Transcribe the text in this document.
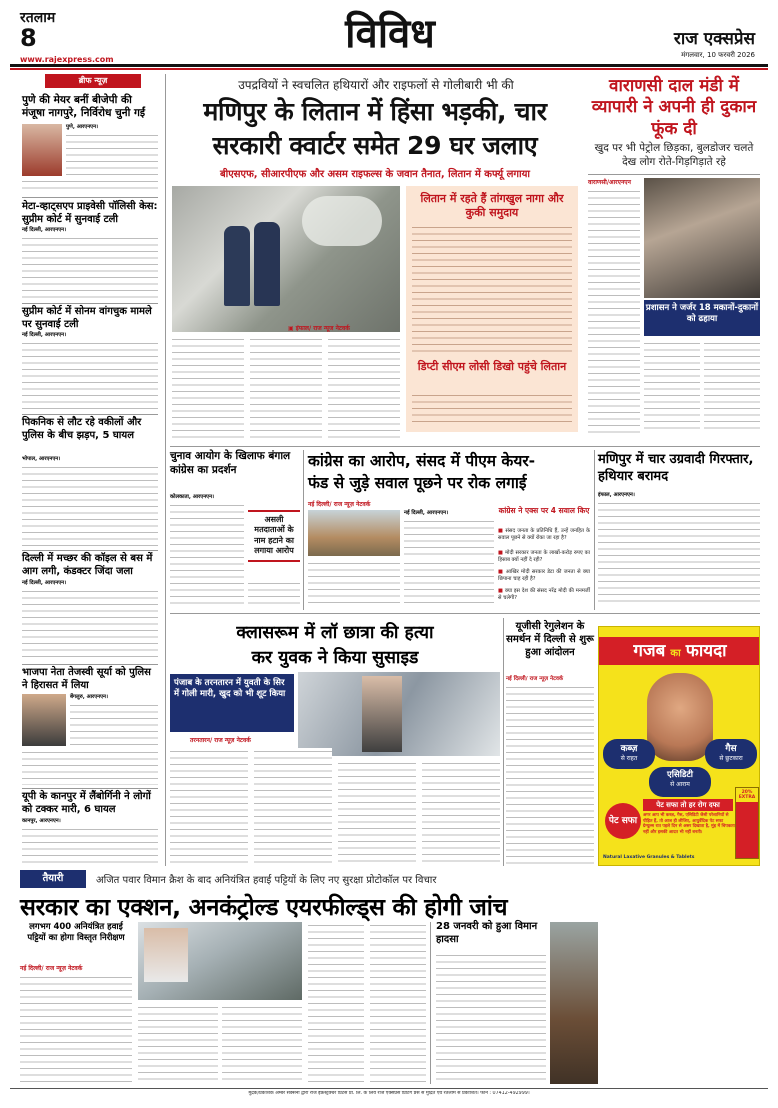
रतलाम
8
www.rajexpress.com
विविध	राज एक्सप्रेस
मंगलवार, 10 फरवरी 2026
ब्रीफ न्यूज़
पुणे की मेयर बनीं बीजेपी की मंजूषा नागपुरे, निर्विरोध चुनी गईं
पुणे, आरएनएन।
मेटा-व्हाट्सएप प्राइवेसी पॉलिसी केस: सुप्रीम कोर्ट में सुनवाई टली
नई दिल्ली, आरएनएन।
सुप्रीम कोर्ट में सोनम वांगचुक मामले पर सुनवाई टली
नई दिल्ली, आरएनएन।
पिकनिक से लौट रहे वकीलों और पुलिस के बीच झड़प, 5 घायल
भोपाल, आरएनएन।
दिल्ली में मच्छर की कॉइल से बस में आग लगी, कंडक्टर जिंदा जला
नई दिल्ली, आरएनएन।
भाजपा नेता तेजस्वी सूर्या को पुलिस ने हिरासत में लिया
बेंगलुरु, आरएनएन।
यूपी के कानपुर में लैंबोर्गिनी ने लोगों को टक्कर मारी, 6 घायल
कानपुर, आरएनएन।
उपद्रवियों ने स्वचलित हथियारों और राइफलों से गोलीबारी भी की
मणिपुर के लितान में हिंसा भड़की, चार
सरकारी क्वार्टर समेत 29 घर जलाए
बीएसएफ, सीआरपीएफ और असम राइफल्स के जवान तैनात, लितान में कर्फ्यू लगाया
▣ इंफाल/ राज न्यूज नेटवर्क
लितान में रहते हैं तांगखुल नागा और कुकी समुदाय
डिप्टी सीएम लोसी डिखो पहुंचे लितान
वाराणसी दाल मंडी में व्यापारी ने अपनी ही दुकान फूंक दी
खुद पर भी पेट्रोल छिड़का, बुलडोजर चलते देख लोग रोते-गिड़गिड़ाते रहे
वाराणसी/आरएनएन
प्रशासन ने जर्जर 18 मकानों-दुकानों को ढहाया
चुनाव आयोग के खिलाफ बंगाल कांग्रेस का प्रदर्शन
कोलकाता, आरएनएन।
असली मतदाताओं के नाम हटाने का लगाया आरोप
कांग्रेस का आरोप, संसद में पीएम केयर-
फंड से जुड़े सवाल पूछने पर रोक लगाई
नई दिल्ली/ राज न्यूज़ नेटवर्क
नई दिल्ली, आरएनएन।	कांग्रेस ने एक्स पर 4 सवाल किए
■ संसद जनता के प्रतिनिधि हैं, उन्हें जनहित के सवाल पूछने से क्यों रोका जा रहा है?
■ मोदी सरकार जनता के लाखों-करोड़ रुपए का हिसाब क्यों नहीं दे रही?
■ आखिर मोदी सरकार डेटा की जनता से क्या छिपाना चाह रही है?
■ क्या इस देश की संसद नरेंद्र मोदी की मनमर्जी से चलेगी?
मणिपुर में चार उग्रवादी गिरफ्तार, हथियार बरामद
इंफाल, आरएनएन।
क्लासरूम में लॉ छात्रा की हत्या
कर युवक ने किया सुसाइड
पंजाब के तरनतारन में युवती के सिर में गोली मारी, खुद को भी शूट किया
तरनतारन/ राज न्यूज़ नेटवर्क
यूजीसी रेगुलेशन के समर्थन में दिल्ली से शुरू हुआ आंदोलन
नई दिल्ली/ राज न्यूज़ नेटवर्क
गजब का फायदा
कब्ज़
से राहत
गैस
से छुटकारा
एसिडिटी
से आराम
पेट सफा
पेट सफा तो हर रोग दफा
अगर आप भी कब्ज़, गैस, एसिडिटी जैसी परेशानियों से पीड़ित हैं, तो आज ही लीजिए, आयुर्वेदिक पेट सफा ग्रेन्यूल्स रात पहले दिन से असर दिखाता है, मुंह में चिपकता नहीं और इसकी आदत भी नहीं बनती।
20% EXTRA
Natural Laxative Granules & Tablets
तैयारी	अजित पवार विमान क्रैश के बाद अनियंत्रित हवाई पट्टियों के लिए नए सुरक्षा प्रोटोकॉल पर विचार
सरकार का एक्शन, अनकंट्रोल्ड एयरफील्ड्स की होगी जांच
लगभग 400 अनियंत्रित हवाई पट्टियों का होगा विस्तृत निरीक्षण
नई दिल्ली/ राज न्यूज़ नेटवर्क
28 जनवरी को हुआ विमान हादसा
मुद्रक/प्रकाशक अम्बर सक्सेना द्वारा राज इंफ्रस्ट्रक्चर प्रिंटर्स प्रा. लि. के लिये राज एक्सप्रेस प्रिंटिंग प्रेस से मुद्रित एवं रतलाम से प्रकाशित। फोन : 07412-492999।
